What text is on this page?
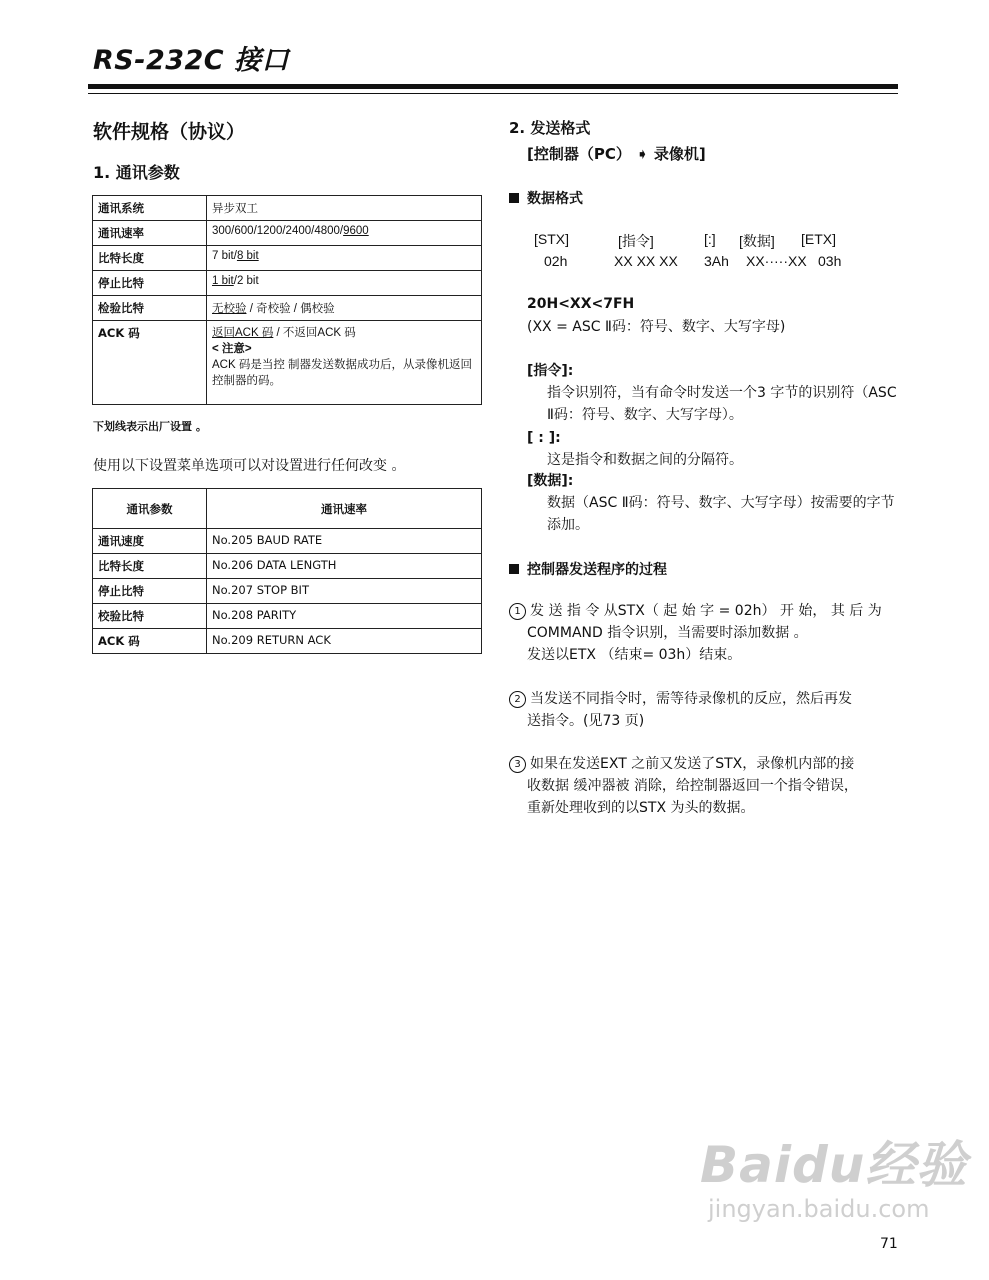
RS-232C 接口
软件规格（协议）
1. 通讯参数
通讯系统	异步双工
通讯速率	300/600/1200/2400/4800/9600
比特长度	7 bit/8 bit
停止比特	1 bit/2 bit
检验比特	无校验 / 奇校验 / 偶校验
ACK 码	返回ACK 码 / 不返回ACK 码
< 注意>
ACK 码是当控 制器发送数据成功后，从录像机返回控制器的码。
下划线表示出厂设置 。
使用以下设置菜单选项可以对设置进行任何改变 。
通讯参数	通讯速率
通讯速度	No.205 BAUD RATE
比特长度	No.206 DATA LENGTH
停止比特	No.207 STOP BIT
校验比特	No.208 PARITY
ACK 码	No.209 RETURN ACK
2. 发送格式
[控制器（PC） ➧ 录像机]
数据格式
[STX]	[指令]	[:]	[数据]	[ETX]
02h	XX XX XX	3Ah	XX·····XX 03h
20H<XX<7FH
(XX = ASC Ⅱ码：符号、数字、大写字母)
[指令]:
指令识别符，当有命令时发送一个3 字节的识别符（ASC Ⅱ码：符号、数字、大写字母）。
[ : ]:
这是指令和数据之间的分隔符。
[数据]:
数据（ASC Ⅱ码：符号、数字、大写字母）按需要的字节添加。
控制器发送程序的过程
1 发 送 指 令 从STX（ 起 始 字 = 02h） 开 始， 其 后 为
COMMAND 指令识别，当需要时添加数据 。
发送以ETX （结束= 03h）结束。
2 当发送不同指令时，需等待录像机的反应，然后再发
送指令。(见73 页)
3 如果在发送EXT 之前又发送了STX，录像机内部的接
收数据 缓冲器被 消除，给控制器返回一个指令错误，
重新处理收到的以STX 为头的数据。
Baidu经验
jingyan.baidu.com
71
